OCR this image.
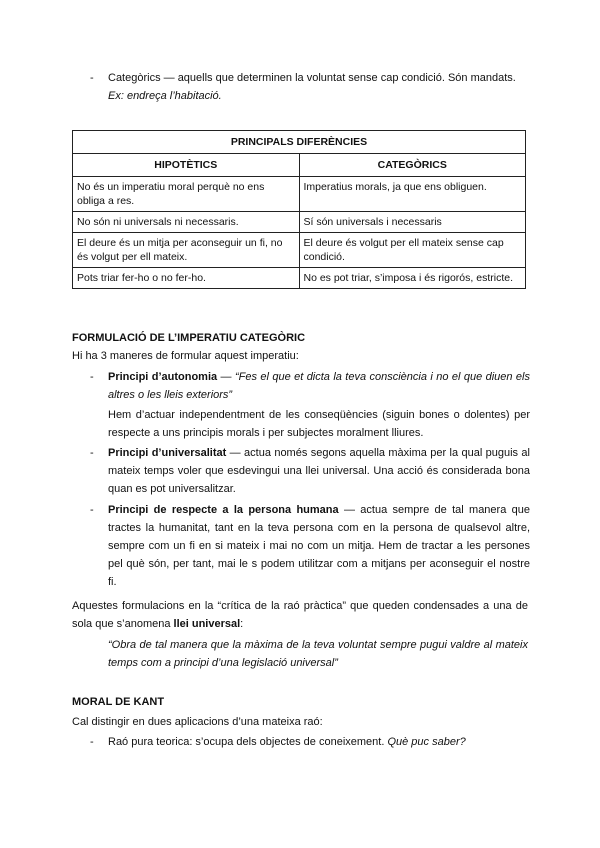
- Categòrics — aquells que determinen la voluntat sense cap condició. Són mandats.
Ex: endreça l’habitació.
PRINCIPALS DIFERÈNCIES	
HIPOTÈTICS	CATEGÒRICS
No és un imperatiu moral perquè no ens obliga a res.	Imperatius morals, ja que ens obliguen.
No són ni universals ni necessaris.	Sí són universals i necessaris
El deure és un mitja per aconseguir un fi, no és volgut per ell mateix.	El deure és volgut per ell mateix sense cap condició.
Pots triar fer-ho o no fer-ho.	No es pot triar, s’imposa i és rigorós, estricte.
FORMULACIÓ DE L’IMPERATIU CATEGÒRIC
Hi ha 3 maneres de formular aquest imperatiu:
- Principi d’autonomia — “Fes el que et dicta la teva consciència i no el que diuen els altres o les lleis exteriors”
Hem d’actuar independentment de les conseqüències (siguin bones o dolentes) per respecte a uns principis morals i per subjectes moralment lliures.
- Principi d’universalitat — actua només segons aquella màxima per la qual puguis al mateix temps voler que esdevingui una llei universal. Una acció és considerada bona quan es pot universalitzar.
- Principi de respecte a la persona humana — actua sempre de tal manera que tractes la humanitat, tant en la teva persona com en la persona de qualsevol altre, sempre com un fi en si mateix i mai no com un mitja. Hem de tractar a les persones pel què són, per tant, mai le s podem utilitzar com a mitjans per aconseguir el nostre fi.
Aquestes formulacions en la “crítica de la raó pràctica” que queden condensades a una de sola que s’anomena llei universal:
“Obra de tal manera que la màxima de la teva voluntat sempre pugui valdre al mateix temps com a principi d’una legislació universal”
MORAL DE KANT
Cal distingir en dues aplicacions d’una mateixa raó:
- Raó pura teorica: s’ocupa dels objectes de coneixement. Què puc saber?
